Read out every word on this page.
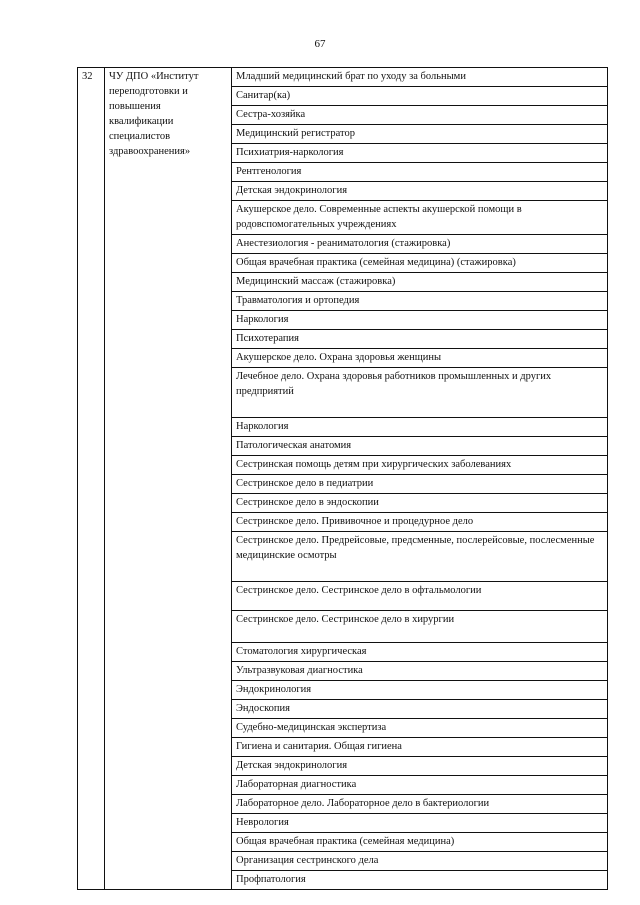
67
32	ЧУ ДПО «Институт переподготовки и повышения квалификации специалистов здравоохранения»	Младший медицинский брат по уходу за больными
Санитар(ка)
Сестра-хозяйка
Медицинский регистратор
Психиатрия-наркология
Рентгенология
Детская эндокринология
Акушерское дело. Современные аспекты акушерской помощи в родовспомогательных учреждениях
Анестезиология - реаниматология (стажировка)
Общая врачебная практика (семейная медицина) (стажировка)
Медицинский массаж (стажировка)
Травматология и ортопедия
Наркология
Психотерапия
Акушерское дело. Охрана здоровья женщины
Лечебное дело. Охрана здоровья работников промышленных и других предприятий
Наркология
Патологическая анатомия
Сестринская помощь детям при хирургических заболеваниях
Сестринское дело в педиатрии
Сестринское дело в эндоскопии
Сестринское дело. Прививочное и процедурное дело
Сестринское дело. Предрейсовые, предсменные, послерейсовые, послесменные медицинские осмотры
Сестринское дело. Сестринское дело в офтальмологии
Сестринское дело. Сестринское дело в хирургии
Стоматология хирургическая
Ультразвуковая диагностика
Эндокринология
Эндоскопия
Судебно-медицинская экспертиза
Гигиена и санитария. Общая гигиена
Детская эндокринология
Лабораторная диагностика
Лабораторное дело. Лабораторное дело в бактериологии
Неврология
Общая врачебная практика (семейная медицина)
Организация сестринского дела
Профпатология
